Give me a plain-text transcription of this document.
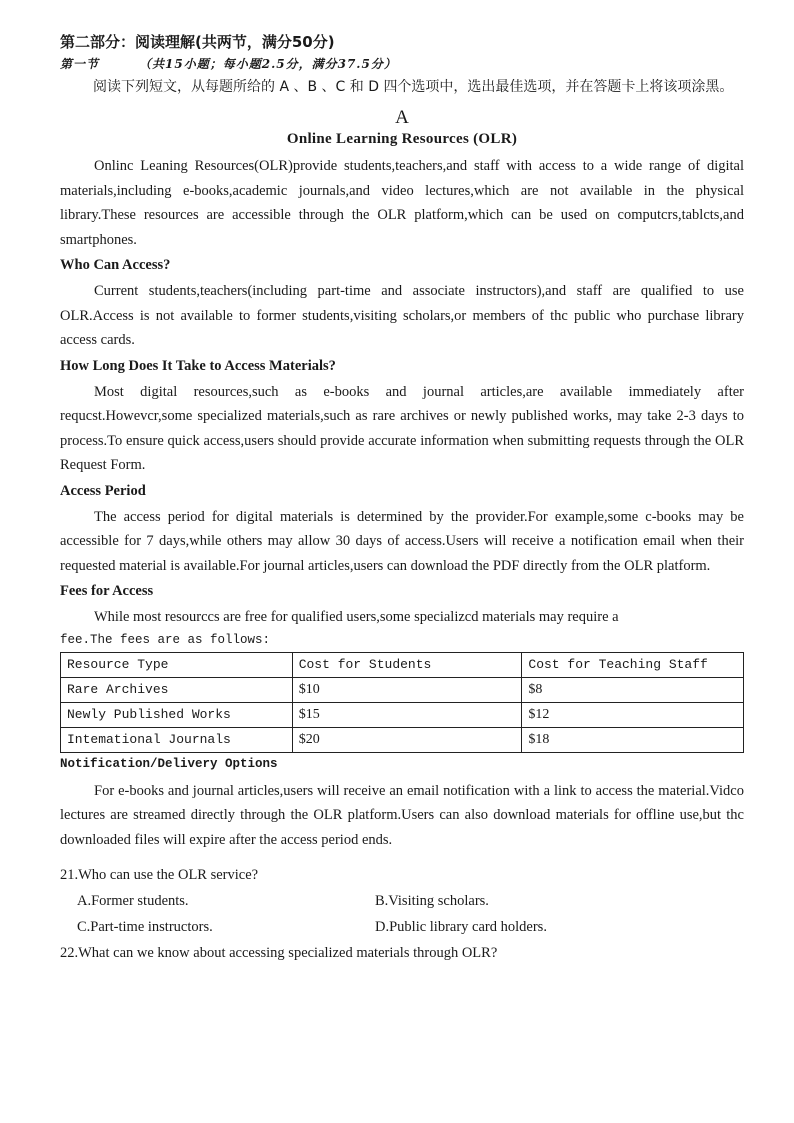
第二部分：阅读理解(共两节，满分50分)

第一节	（共15小题；每小题2.5分，满分37.5分）

阅读下列短文，从每题所给的 A 、B 、C 和 D 四个选项中，选出最佳选项，并在答题卡上将该项涂黑。

A
Online Learning Resources (OLR)

Onlinc Leaning Resources(OLR)provide students,teachers,and staff with access to a wide range of digital materials,including e-books,academic journals,and video lectures,which are not available in the physical library.These resources are accessible through the OLR platform,which can be used on computcrs,tablcts,and smartphones.

Who Can Access?

Current students,teachers(including part-time and associate instructors),and staff are qualified to use OLR.Access is not available to former students,visiting scholars,or members of thc public who purchase library access cards.

How Long Does It Take to Access Materials?

Most digital resources,such as e-books and journal articles,are available immediately after requcst.Howevcr,some specialized materials,such as rare archives or newly published works, may take 2-3 days to process.To ensure quick access,users should provide accurate information when submitting requests through the OLR Request Form.

Access Period

The access period for digital materials is determined by the provider.For example,some c-books may be accessible for 7 days,while others may allow 30 days of access.Users will receive a notification email when their requested material is available.For journal articles,users can download the PDF directly from the OLR platform.

Fees for Access

While most resourccs are free for qualified users,some specializcd materials may require a

fee.The fees are as follows:

Resource Type	Cost for Students	Cost for Teaching Staff
Rare Archives	$10	$8
Newly Published Works	$15	$12
Intemational Journals	$20	$18
Notification/Delivery Options

For e-books and journal articles,users will receive an email notification with a link to access the material.Vidco lectures are streamed directly through the OLR platform.Users can also download materials for offline use,but thc downloaded files will expire after the access period ends.

21.Who can use the OLR service?

A.Former students.	B.Visiting scholars.
C.Part-time instructors.	D.Public library card holders.

22.What can we know about accessing specialized materials through OLR?
